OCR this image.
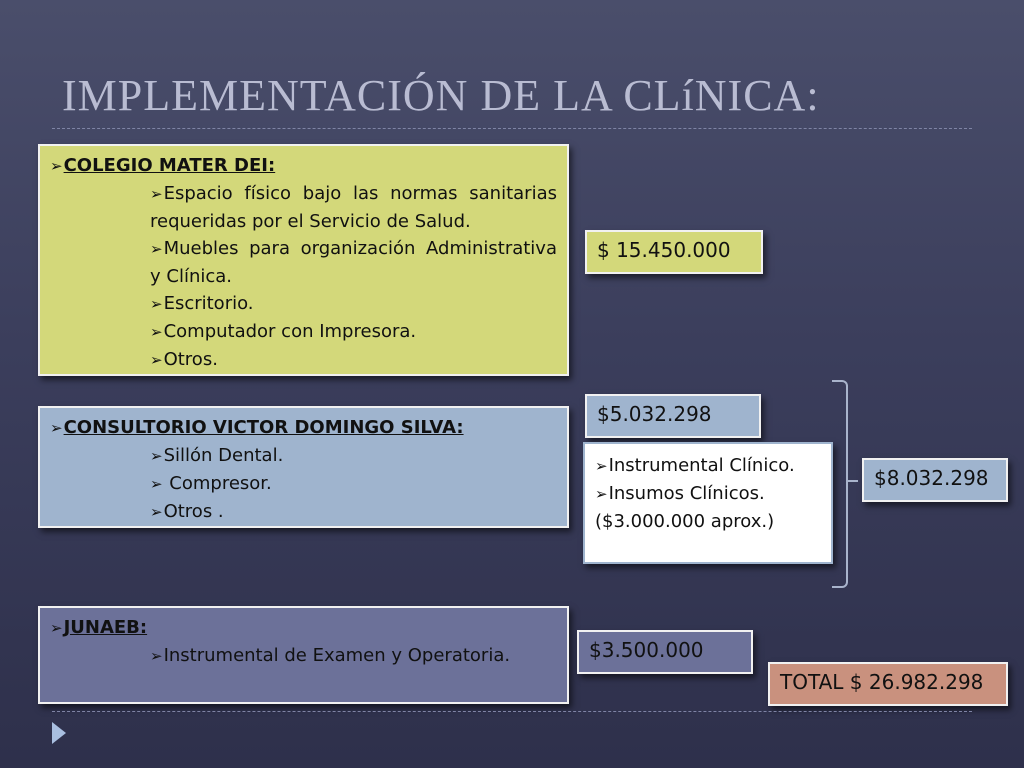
IMPLEMENTACIÓN DE LA CLíNICA:
➢COLEGIO MATER DEI:
➢Espacio físico bajo las normas sanitarias requeridas por el Servicio de Salud.
➢Muebles para organización Administrativa y Clínica.
➢Escritorio.
➢Computador con Impresora.
➢Otros.
$ 15.450.000
➢CONSULTORIO VICTOR DOMINGO SILVA:
➢Sillón Dental.
➢ Compresor.
➢Otros .
$5.032.298
➢Instrumental Clínico.
➢Insumos Clínicos.
($3.000.000 aprox.)
$8.032.298
➢JUNAEB:
➢Instrumental de Examen y Operatoria.	$3.500.000
TOTAL $ 26.982.298
